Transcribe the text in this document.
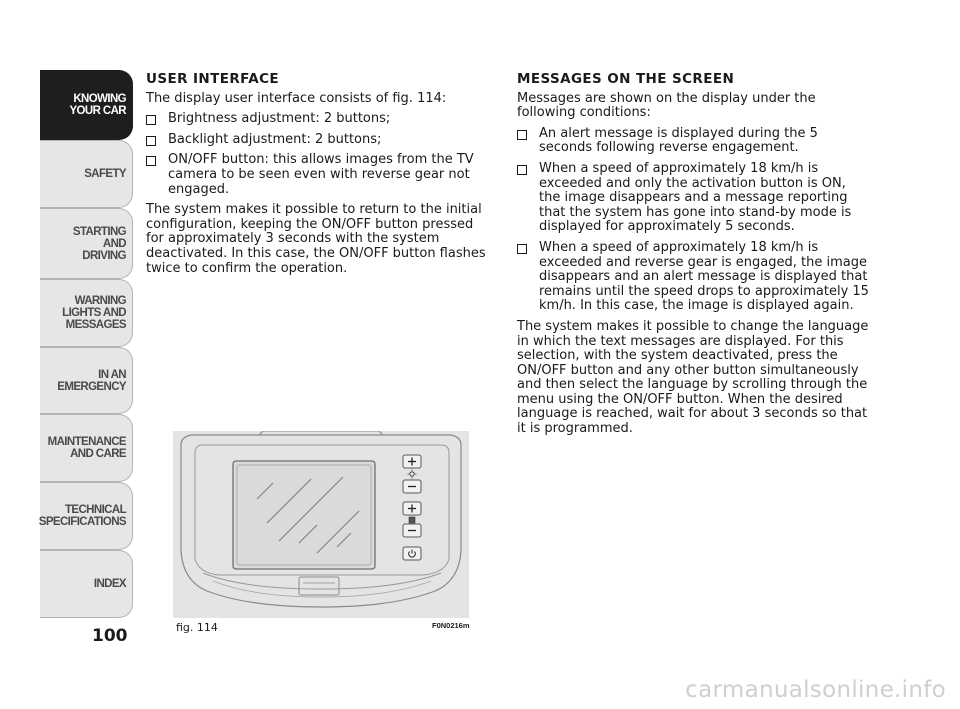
KNOWING
YOUR CAR
SAFETY
STARTING
AND
DRIVING
WARNING
LIGHTS AND
MESSAGES
IN AN
EMERGENCY
MAINTENANCE
AND CARE
TECHNICAL
SPECIFICATIONS
INDEX
100
USER INTERFACE

The display user interface consists of fig. 114:

Brightness adjustment: 2 buttons;
Backlight adjustment: 2 buttons;
ON/OFF button: this allows images from the TV camera to be seen even with reverse gear not engaged.

The system makes it possible to return to the initial configuration, keeping the ON/OFF button pressed for approximately 3 seconds with the system deactivated. In this case, the ON/OFF button flashes twice to confirm the operation.

MESSAGES ON THE SCREEN

Messages are shown on the display under the following conditions:

An alert message is displayed during the 5 seconds following reverse engagement.
When a speed of approximately 18 km/h is exceeded and only the activation button is ON, the image disappears and a message reporting that the system has gone into stand-by mode is displayed for approximately 5 seconds.
When a speed of approximately 18 km/h is exceeded and reverse gear is engaged, the image disappears and an alert message is displayed that remains until the speed drops to approximately 15 km/h. In this case, the image is displayed again.

The system makes it possible to change the language in which the text messages are displayed. For this selection, with the system deactivated, press the ON/OFF button and any other button simultaneously and then select the language by scrolling through the menu using the ON/OFF button. When the desired language is reached, wait for about 3 seconds so that it is programmed.

fig. 114	F0N0216m
carmanualsonline.info
